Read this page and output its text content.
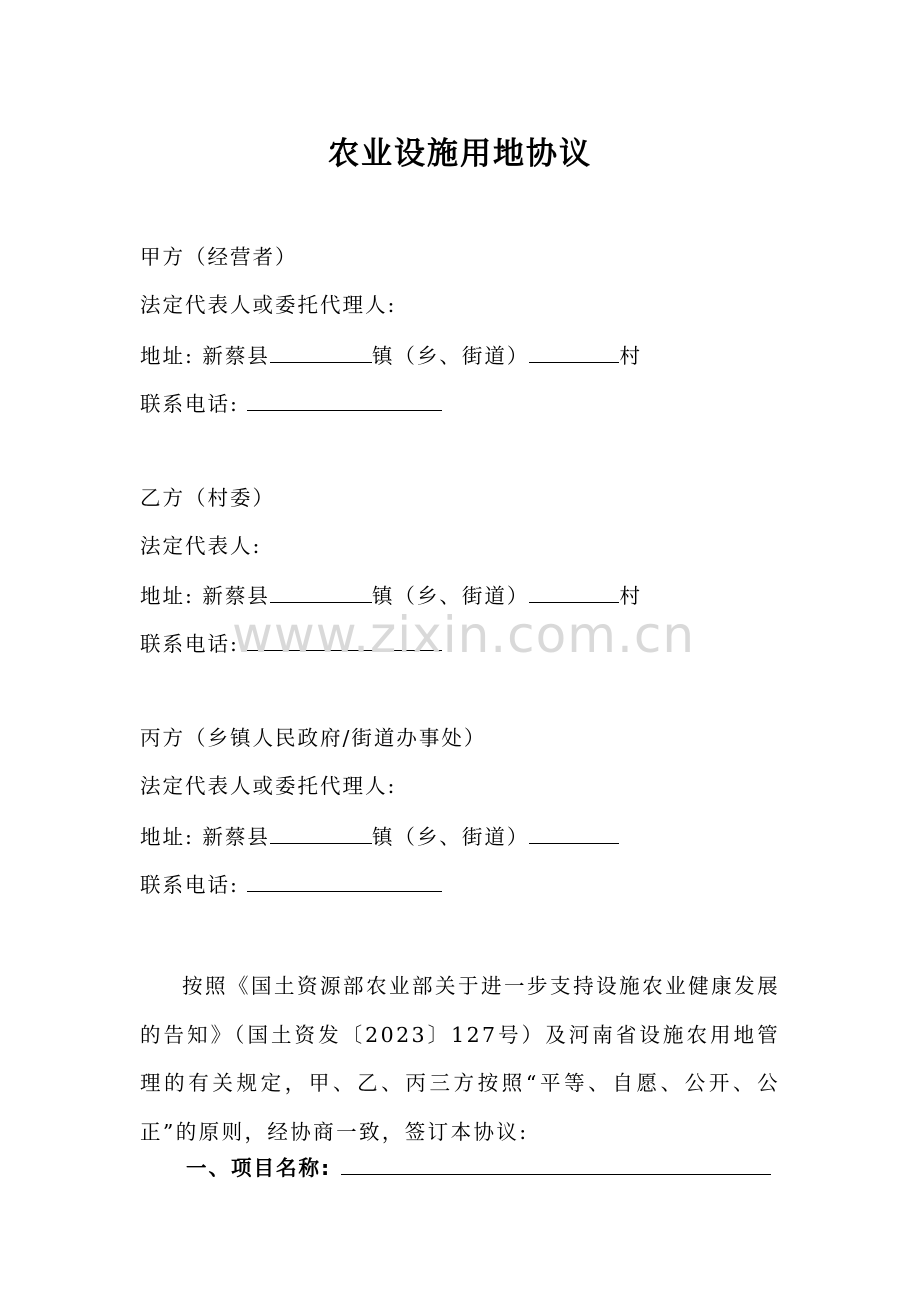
农业设施用地协议
甲方（经营者）
法定代表人或委托代理人:
地址: 新蔡县	镇（乡、街道）	村
联系电话:
乙方（村委）
法定代表人:
地址: 新蔡县	镇（乡、街道）	村
联系电话:
丙方（乡镇人民政府/街道办事处）
法定代表人或委托代理人:
地址: 新蔡县	镇（乡、街道）
联系电话:
按照《国土资源部农业部关于进一步支持设施农业健康发展的告知》（国土资发〔2023〕127号）及河南省设施农用地管理的有关规定，甲、乙、丙三方按照“平等、自愿、公开、公正”的原则，经协商一致，签订本协议:
一、项目名称:
www.zixin.com.cn
